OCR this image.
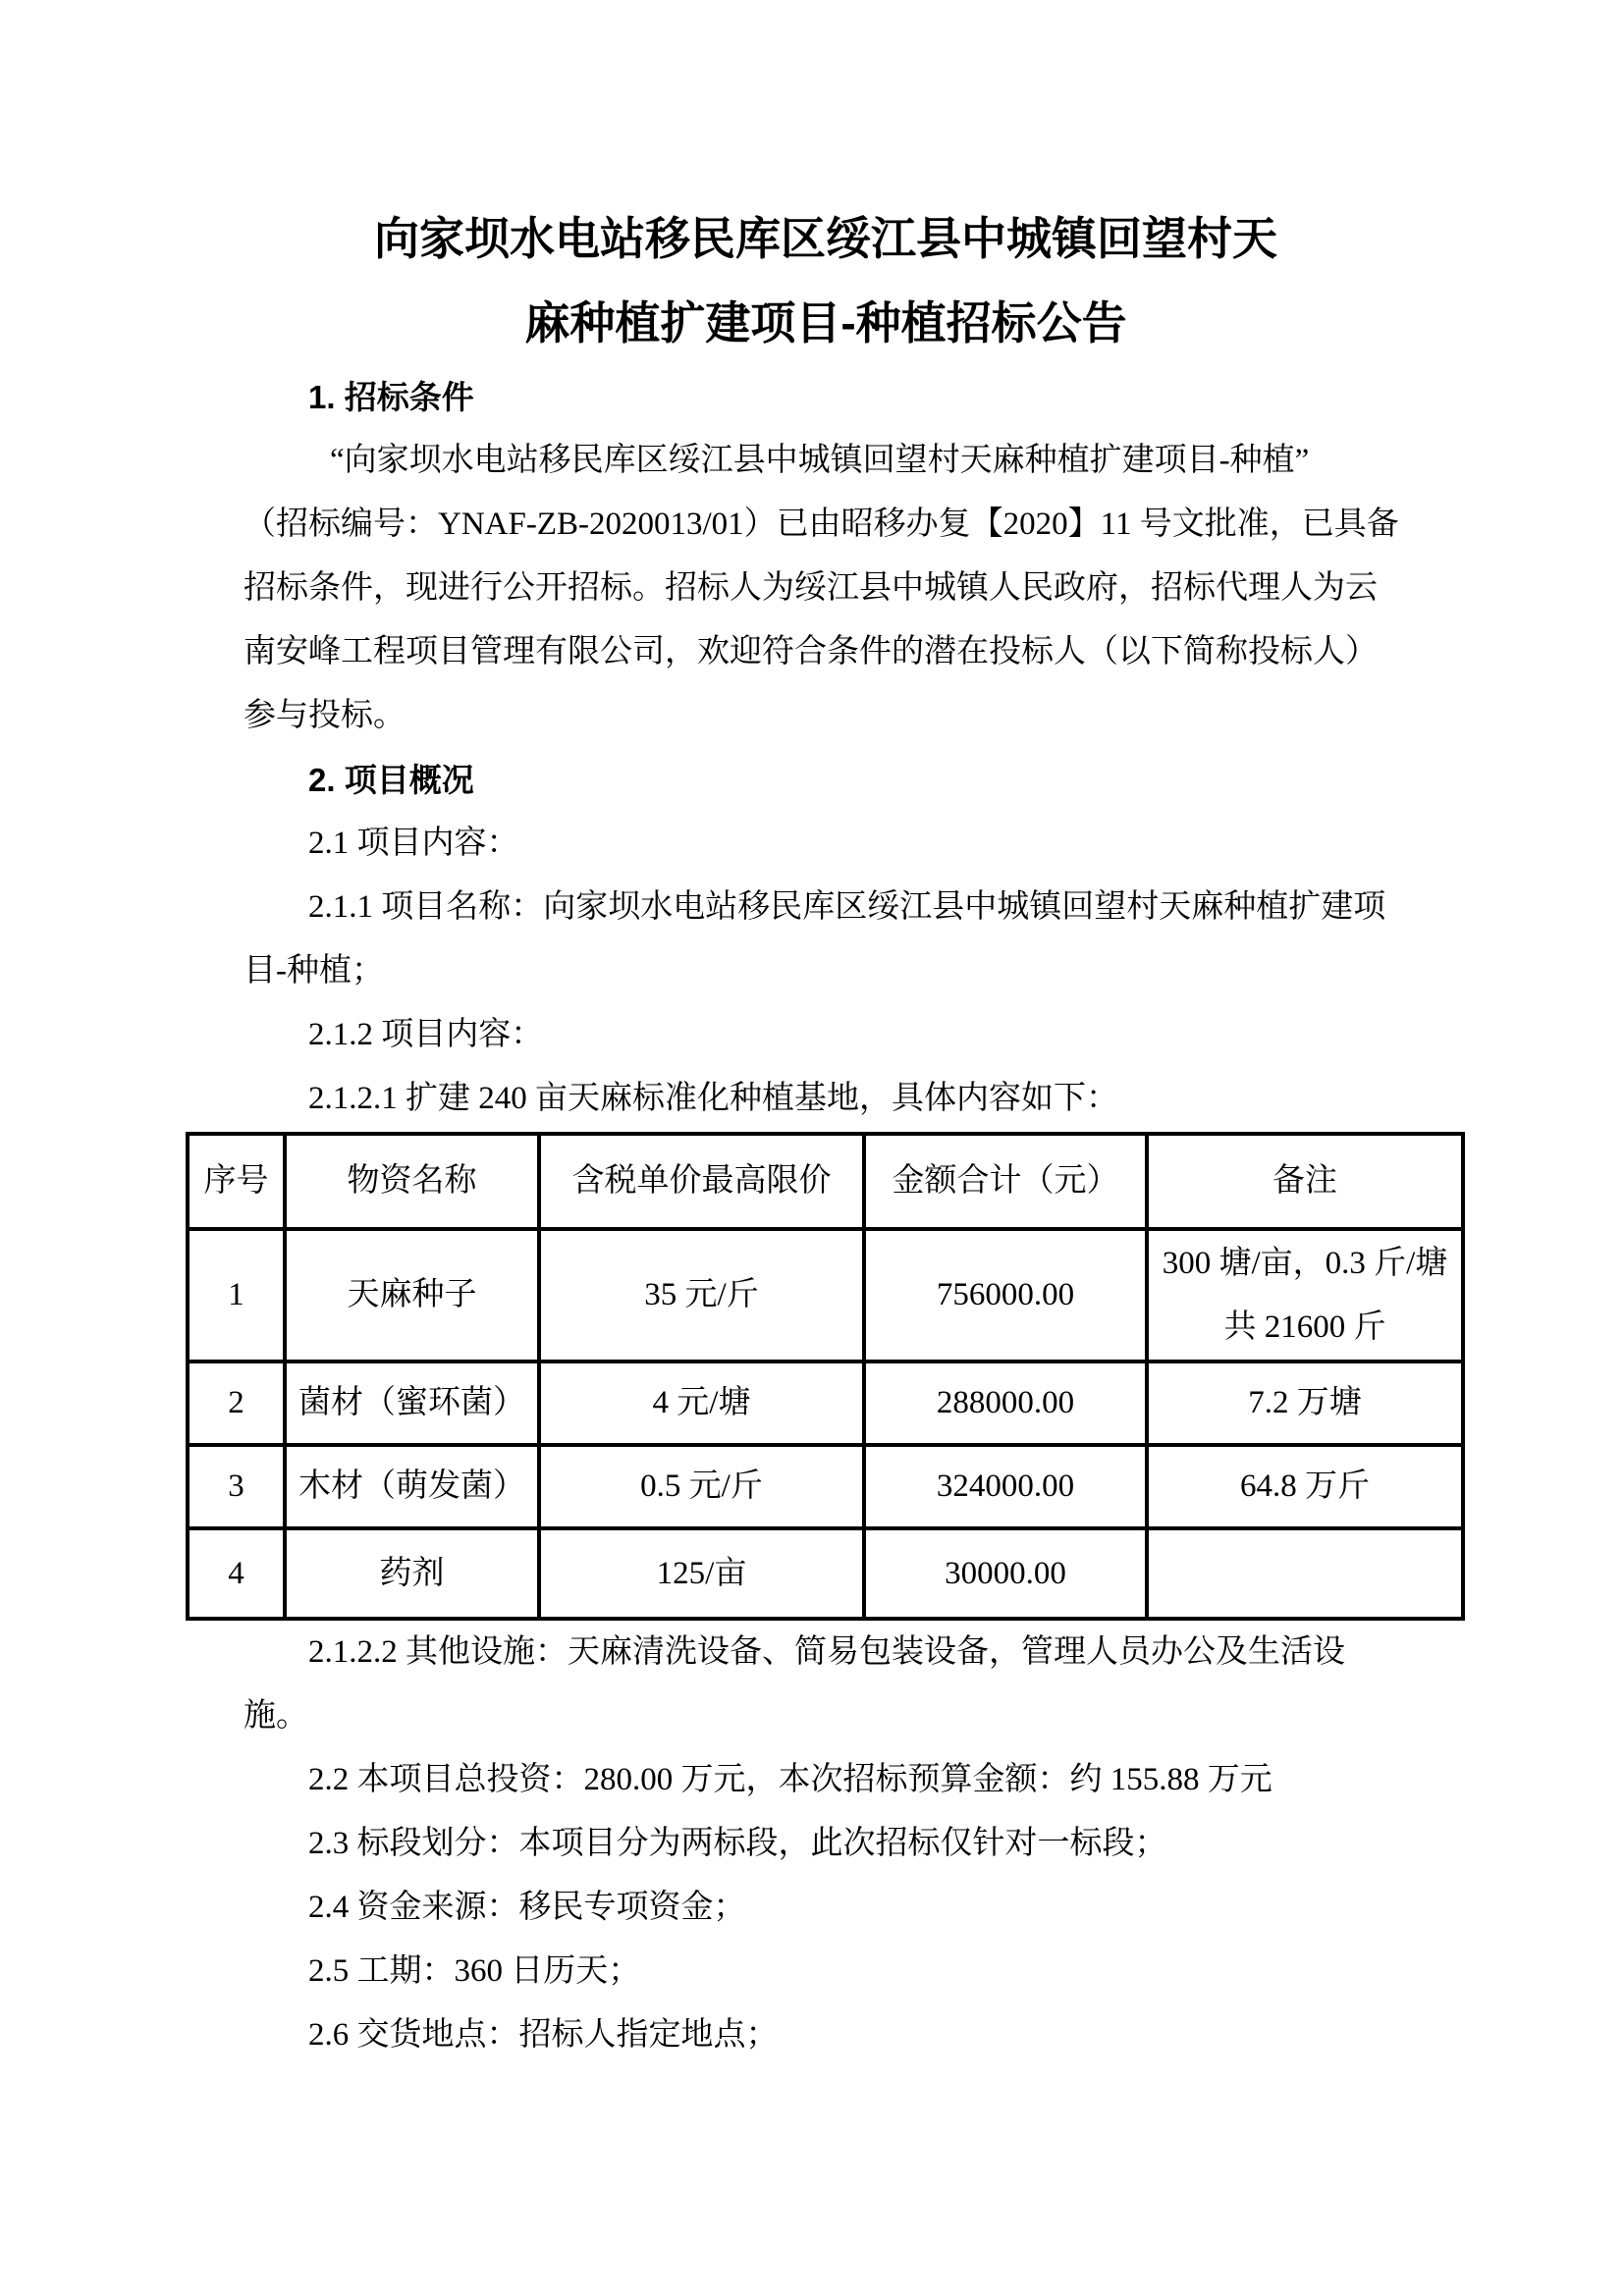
向家坝水电站移民库区绥江县中城镇回望村天
麻种植扩建项目-种植招标公告
1. 招标条件
“向家坝水电站移民库区绥江县中城镇回望村天麻种植扩建项目-种植”
（招标编号：YNAF-ZB-2020013/01）已由昭移办复【2020】11 号文批准，已具备
招标条件，现进行公开招标。招标人为绥江县中城镇人民政府，招标代理人为云
南安峰工程项目管理有限公司，欢迎符合条件的潜在投标人（以下简称投标人）
参与投标。
2. 项目概况
2.1 项目内容：
2.1.1 项目名称：向家坝水电站移民库区绥江县中城镇回望村天麻种植扩建项
目-种植；
2.1.2 项目内容：
2.1.2.1 扩建 240 亩天麻标准化种植基地，具体内容如下：
序号	物资名称	含税单价最高限价	金额合计（元）	备注
1	天麻种子	35 元/斤	756000.00	300 塘/亩，0.3 斤/塘
共 21600 斤

2	菌材（蜜环菌）	4 元/塘	288000.00	7.2 万塘
3	木材（萌发菌）	0.5 元/斤	324000.00	64.8 万斤
4	药剂	125/亩	30000.00	
2.1.2.2 其他设施：天麻清洗设备、简易包装设备，管理人员办公及生活设
施。
2.2 本项目总投资：280.00 万元，本次招标预算金额：约 155.88 万元
2.3 标段划分：本项目分为两标段，此次招标仅针对一标段；
2.4 资金来源：移民专项资金；
2.5 工期：360 日历天；
2.6 交货地点：招标人指定地点；
